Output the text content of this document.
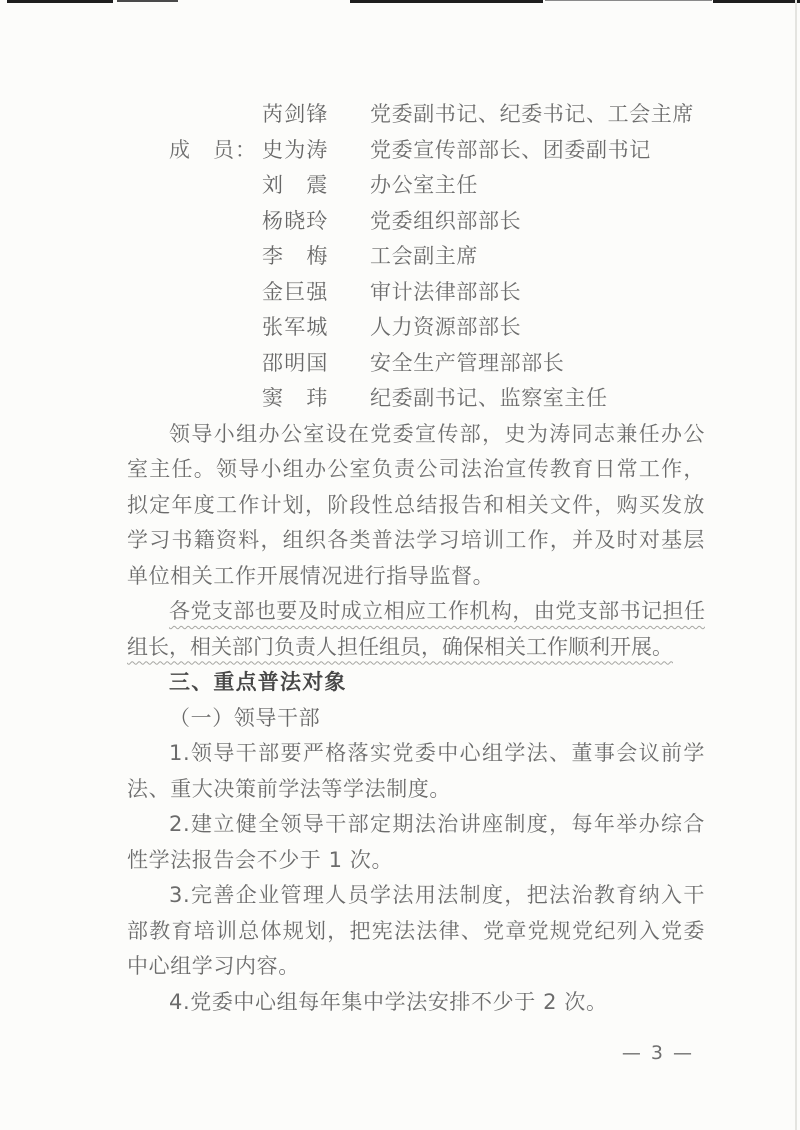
芮剑锋 党委副书记、纪委书记、工会主席
成　员： 史为涛 党委宣传部部长、团委副书记
刘　震 办公室主任
杨晓玲 党委组织部部长
李　梅 工会副主席
金巨强 审计法律部部长
张军城 人力资源部部长
邵明国 安全生产管理部部长
窦　玮 纪委副书记、监察室主任

领导小组办公室设在党委宣传部，史为涛同志兼任办公室主任。领导小组办公室负责公司法治宣传教育日常工作，拟定年度工作计划，阶段性总结报告和相关文件，购买发放学习书籍资料，组织各类普法学习培训工作，并及时对基层单位相关工作开展情况进行指导监督。

各党支部也要及时成立相应工作机构，由党支部书记担任组长，相关部门负责人担任组员，确保相关工作顺利开展。

三、重点普法对象

（一）领导干部

1.领导干部要严格落实党委中心组学法、董事会议前学法、重大决策前学法等学法制度。

2.建立健全领导干部定期法治讲座制度，每年举办综合性学法报告会不少于 1 次。

3.完善企业管理人员学法用法制度，把法治教育纳入干部教育培训总体规划，把宪法法律、党章党规党纪列入党委中心组学习内容。

4.党委中心组每年集中学法安排不少于 2 次。

— 3 —
